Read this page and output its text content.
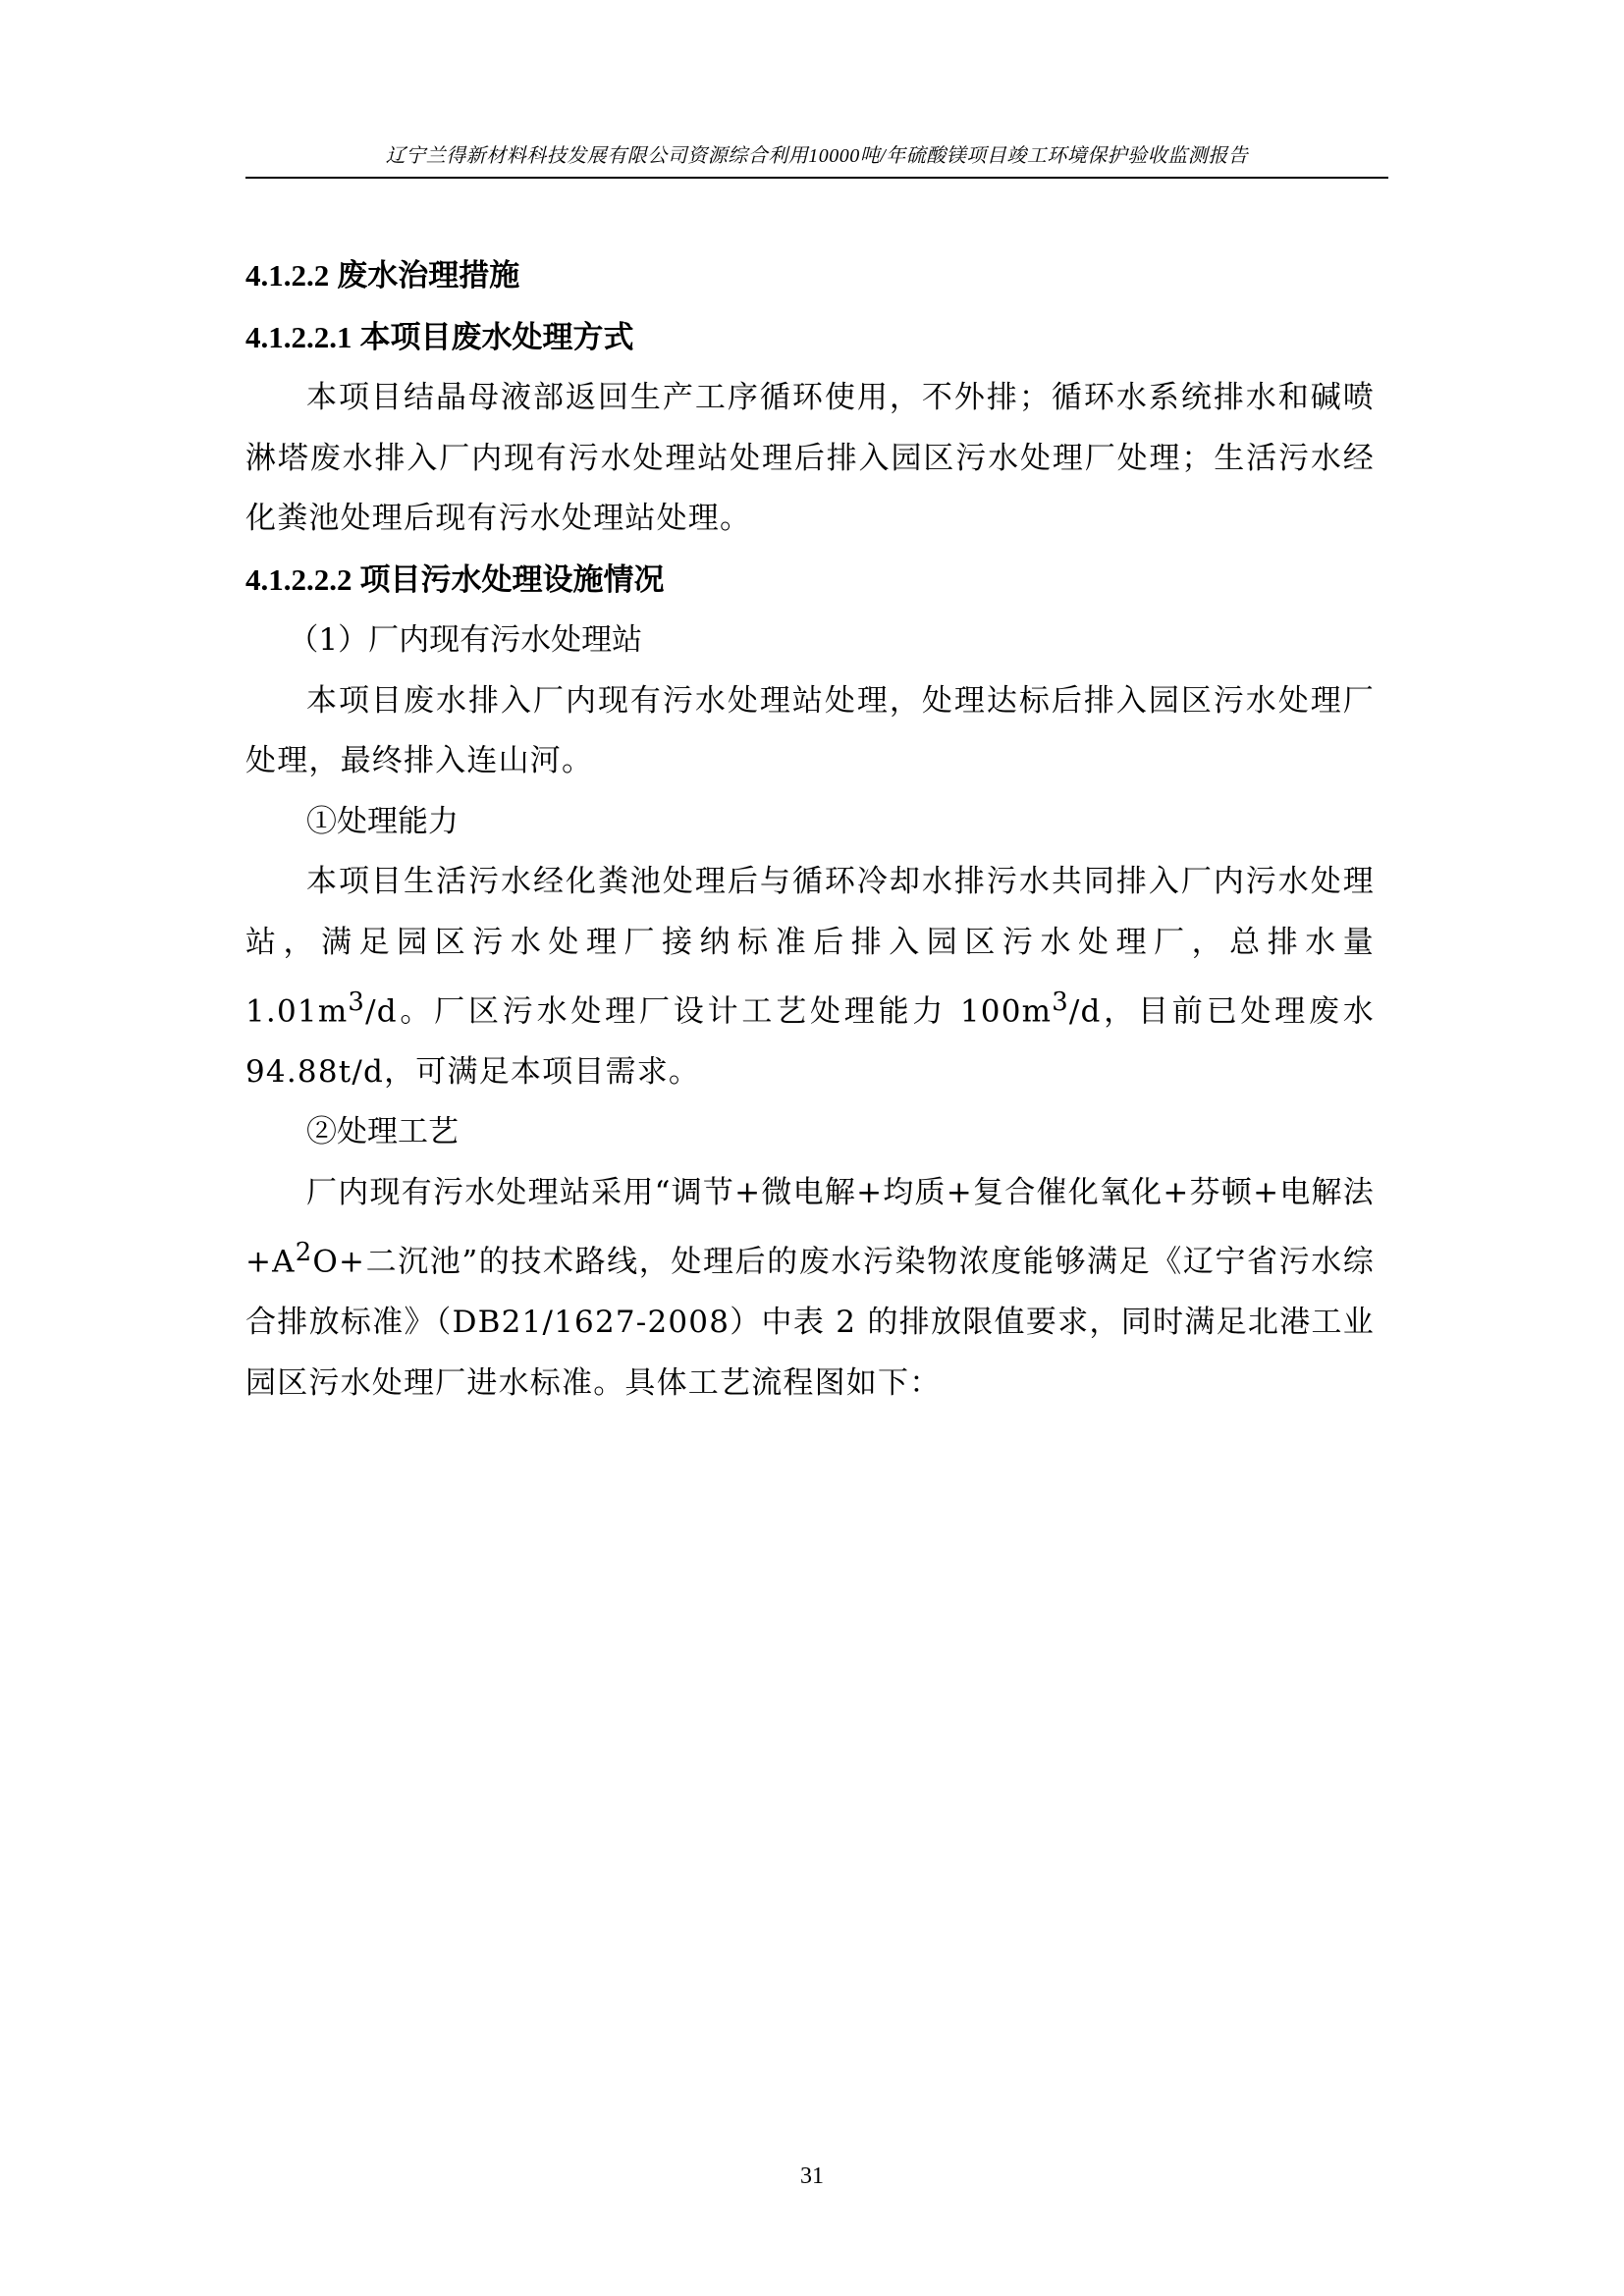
辽宁兰得新材料科技发展有限公司资源综合利用10000吨/年硫酸镁项目竣工环境保护验收监测报告
4.1.2.2 废水治理措施
4.1.2.2.1 本项目废水处理方式

本项目结晶母液部返回生产工序循环使用，不外排；循环水系统排水和碱喷淋塔废水排入厂内现有污水处理站处理后排入园区污水处理厂处理；生活污水经化粪池处理后现有污水处理站处理。

4.1.2.2.2 项目污水处理设施情况

（1）厂内现有污水处理站

本项目废水排入厂内现有污水处理站处理，处理达标后排入园区污水处理厂处理，最终排入连山河。

①处理能力

本项目生活污水经化粪池处理后与循环冷却水排污水共同排入厂内污水处理站，满足园区污水处理厂接纳标准后排入园区污水处理厂，总排水量 $1.01m^3/d$。厂区污水处理厂设计工艺处理能力 $100m^3/d$，目前已处理废水 94.88t/d，可满足本项目需求。

②处理工艺

厂内现有污水处理站采用“调节+微电解+均质+复合催化氧化+芬顿+电解法$+A^2O+$二沉池”的技术路线，处理后的废水污染物浓度能够满足《辽宁省污水综合排放标准》（DB21/1627-2008）中表 2 的排放限值要求，同时满足北港工业园区污水处理厂进水标准。具体工艺流程图如下：

31
